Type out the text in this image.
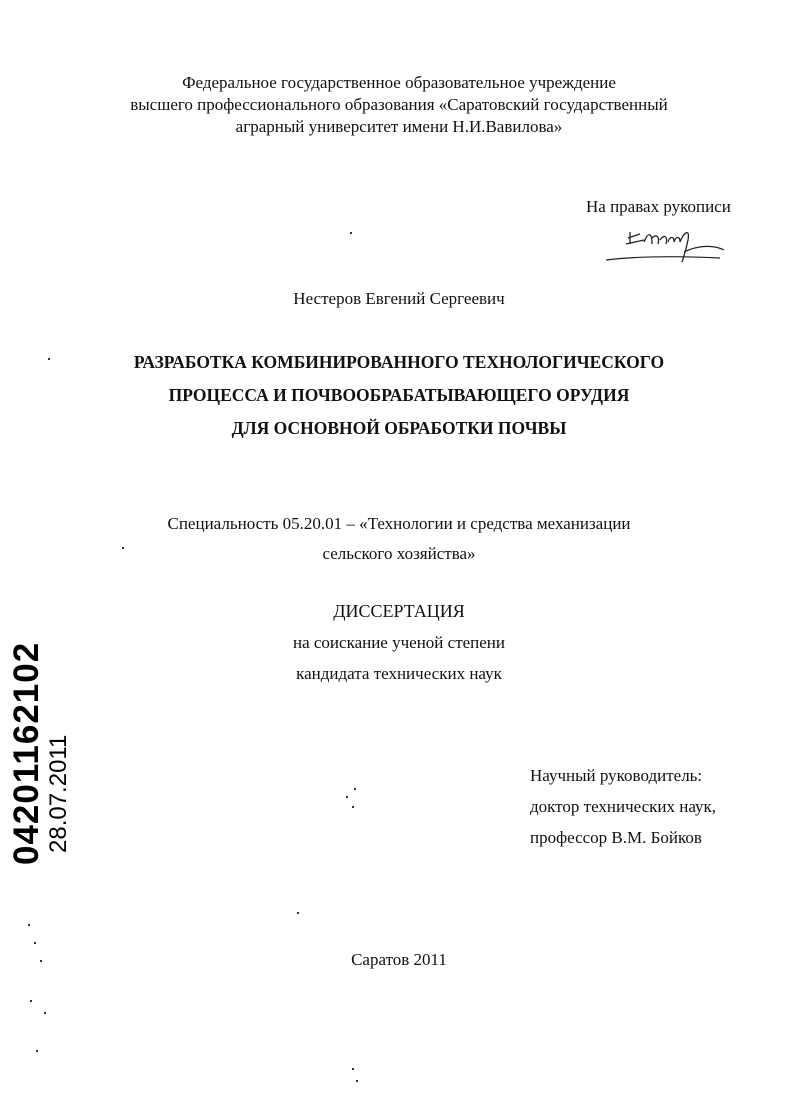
Федеральное государственное образовательное учреждение
высшего профессионального образования «Саратовский государственный
аграрный университет имени Н.И.Вавилова»
На правах рукописи
Нестеров Евгений Сергеевич
РАЗРАБОТКА КОМБИНИРОВАННОГО ТЕХНОЛОГИЧЕСКОГО
ПРОЦЕССА И ПОЧВООБРАБАТЫВАЮЩЕГО ОРУДИЯ
ДЛЯ ОСНОВНОЙ ОБРАБОТКИ ПОЧВЫ
Специальность 05.20.01 – «Технологии и средства механизации
сельского хозяйства»
ДИССЕРТАЦИЯ
на соискание ученой степени
кандидата технических наук
Научный руководитель:
доктор технических наук,
профессор В.М. Бойков
Саратов 2011
04201162102 28.07.2011
